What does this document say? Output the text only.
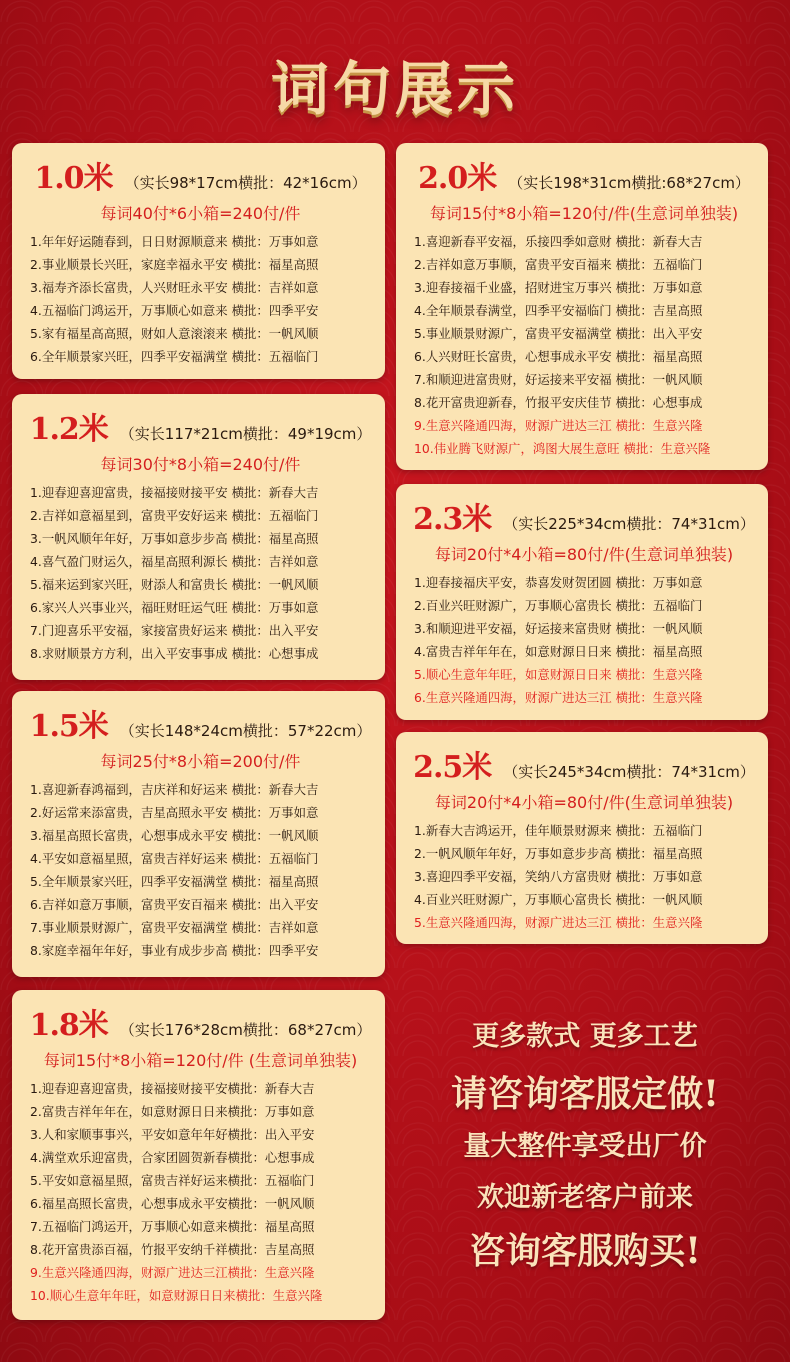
词句展示
1.0米 （实长98*17cm横批：42*16cm）
每词40付*6小箱=240付/件
1.年年好运随春到，日日财源顺意来 横批：万事如意
2.事业顺景长兴旺，家庭幸福永平安 横批：福星高照
3.福寿齐添长富贵，人兴财旺永平安 横批：吉祥如意
4.五福临门鸿运开，万事顺心如意来 横批：四季平安
5.家有福星高高照，财如人意滚滚来 横批：一帆风顺
6.全年顺景家兴旺，四季平安福满堂 横批：五福临门
1.2米 （实长117*21cm横批：49*19cm）
每词30付*8小箱=240付/件
1.迎春迎喜迎富贵，接福接财接平安 横批：新春大吉
2.吉祥如意福星到，富贵平安好运来 横批：五福临门
3.一帆风顺年年好，万事如意步步高 横批：福星高照
4.喜气盈门财运久，福星高照利源长 横批：吉祥如意
5.福来运到家兴旺，财添人和富贵长 横批：一帆风顺
6.家兴人兴事业兴，福旺财旺运气旺 横批：万事如意
7.门迎喜乐平安福，家接富贵好运来 横批：出入平安
8.求财顺景方方利，出入平安事事成 横批：心想事成
1.5米 （实长148*24cm横批：57*22cm）
每词25付*8小箱=200付/件
1.喜迎新春鸿福到，吉庆祥和好运来 横批：新春大吉
2.好运常来添富贵，吉星高照永平安 横批：万事如意
3.福星高照长富贵，心想事成永平安 横批：一帆风顺
4.平安如意福星照，富贵吉祥好运来 横批：五福临门
5.全年顺景家兴旺，四季平安福满堂 横批：福星高照
6.吉祥如意万事顺，富贵平安百福来 横批：出入平安
7.事业顺景财源广，富贵平安福满堂 横批：吉祥如意
8.家庭幸福年年好，事业有成步步高 横批：四季平安
1.8米 （实长176*28cm横批：68*27cm）
每词15付*8小箱=120付/件 (生意词单独装)
1.迎春迎喜迎富贵，接福接财接平安横批：新春大吉
2.富贵吉祥年年在，如意财源日日来横批：万事如意
3.人和家顺事事兴，平安如意年年好横批：出入平安
4.满堂欢乐迎富贵，合家团圆贺新春横批：心想事成
5.平安如意福星照，富贵吉祥好运来横批：五福临门
6.福星高照长富贵，心想事成永平安横批：一帆风顺
7.五福临门鸿运开，万事顺心如意来横批：福星高照
8.花开富贵添百福，竹报平安纳千祥横批：吉星高照
9.生意兴隆通四海，财源广进达三江横批：生意兴隆
10.顺心生意年年旺，如意财源日日来横批：生意兴隆
2.0米 （实长198*31cm横批:68*27cm）
每词15付*8小箱=120付/件(生意词单独装)
1.喜迎新春平安福，乐接四季如意财 横批：新春大吉
2.吉祥如意万事顺，富贵平安百福来 横批：五福临门
3.迎春接福千业盛，招财进宝万事兴 横批：万事如意
4.全年顺景春满堂，四季平安福临门 横批：吉星高照
5.事业顺景财源广，富贵平安福满堂 横批：出入平安
6.人兴财旺长富贵，心想事成永平安 横批：福星高照
7.和顺迎进富贵财，好运接来平安福 横批：一帆风顺
8.花开富贵迎新春，竹报平安庆佳节 横批：心想事成
9.生意兴隆通四海，财源广进达三江 横批：生意兴隆
10.伟业腾飞财源广，鸿图大展生意旺 横批：生意兴隆
2.3米 （实长225*34cm横批：74*31cm）
每词20付*4小箱=80付/件(生意词单独装)
1.迎春接福庆平安，恭喜发财贺团圆 横批：万事如意
2.百业兴旺财源广，万事顺心富贵长 横批：五福临门
3.和顺迎进平安福，好运接来富贵财 横批：一帆风顺
4.富贵吉祥年年在，如意财源日日来 横批：福星高照
5.顺心生意年年旺，如意财源日日来 横批：生意兴隆
6.生意兴隆通四海，财源广进达三江 横批：生意兴隆
2.5米 （实长245*34cm横批：74*31cm）
每词20付*4小箱=80付/件(生意词单独装)
1.新春大吉鸿运开，佳年顺景财源来 横批：五福临门
2.一帆风顺年年好，万事如意步步高 横批：福星高照
3.喜迎四季平安福，笑纳八方富贵财 横批：万事如意
4.百业兴旺财源广，万事顺心富贵长 横批：一帆风顺
5.生意兴隆通四海，财源广进达三江 横批：生意兴隆
更多款式 更多工艺
请咨询客服定做!
量大整件享受出厂价
欢迎新老客户前来
咨询客服购买!
